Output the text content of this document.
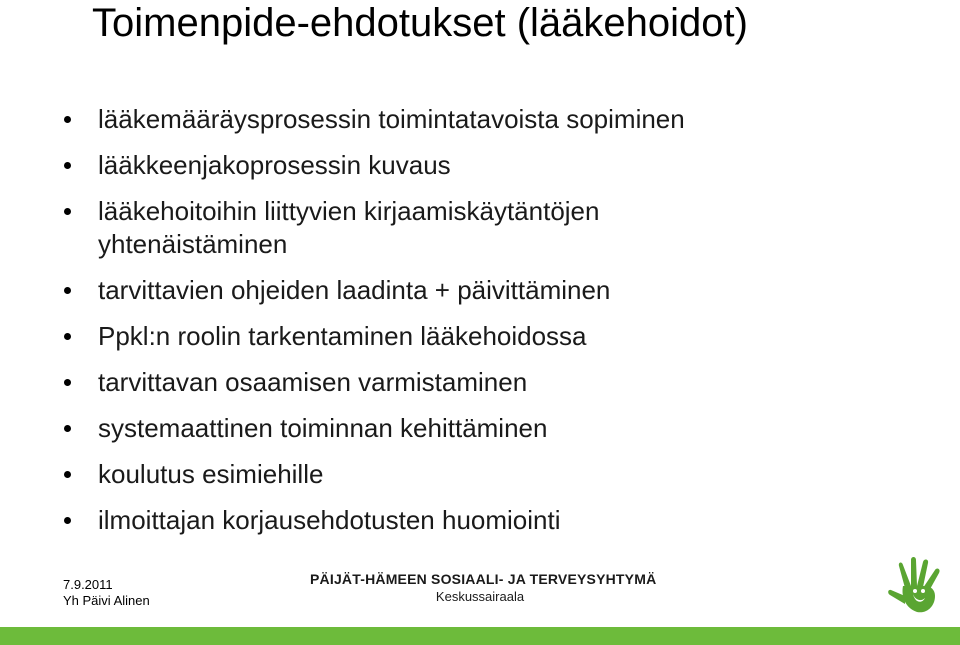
Toimenpide-ehdotukset (lääkehoidot)
lääkemääräysprosessin toimintatavoista sopiminen
lääkkeenjakoprosessin kuvaus
lääkehoitoihin liittyvien kirjaamiskäytäntöjen
yhtenäistäminen
tarvittavien ohjeiden laadinta + päivittäminen
Ppkl:n roolin tarkentaminen lääkehoidossa
tarvittavan osaamisen varmistaminen
systemaattinen toiminnan kehittäminen
koulutus esimiehille
ilmoittajan korjausehdotusten huomiointi
7.9.2011
Yh Päivi Alinen
PÄIJÄT-HÄMEEN SOSIAALI- JA TERVEYSYHTYMÄ
Keskussairaala
